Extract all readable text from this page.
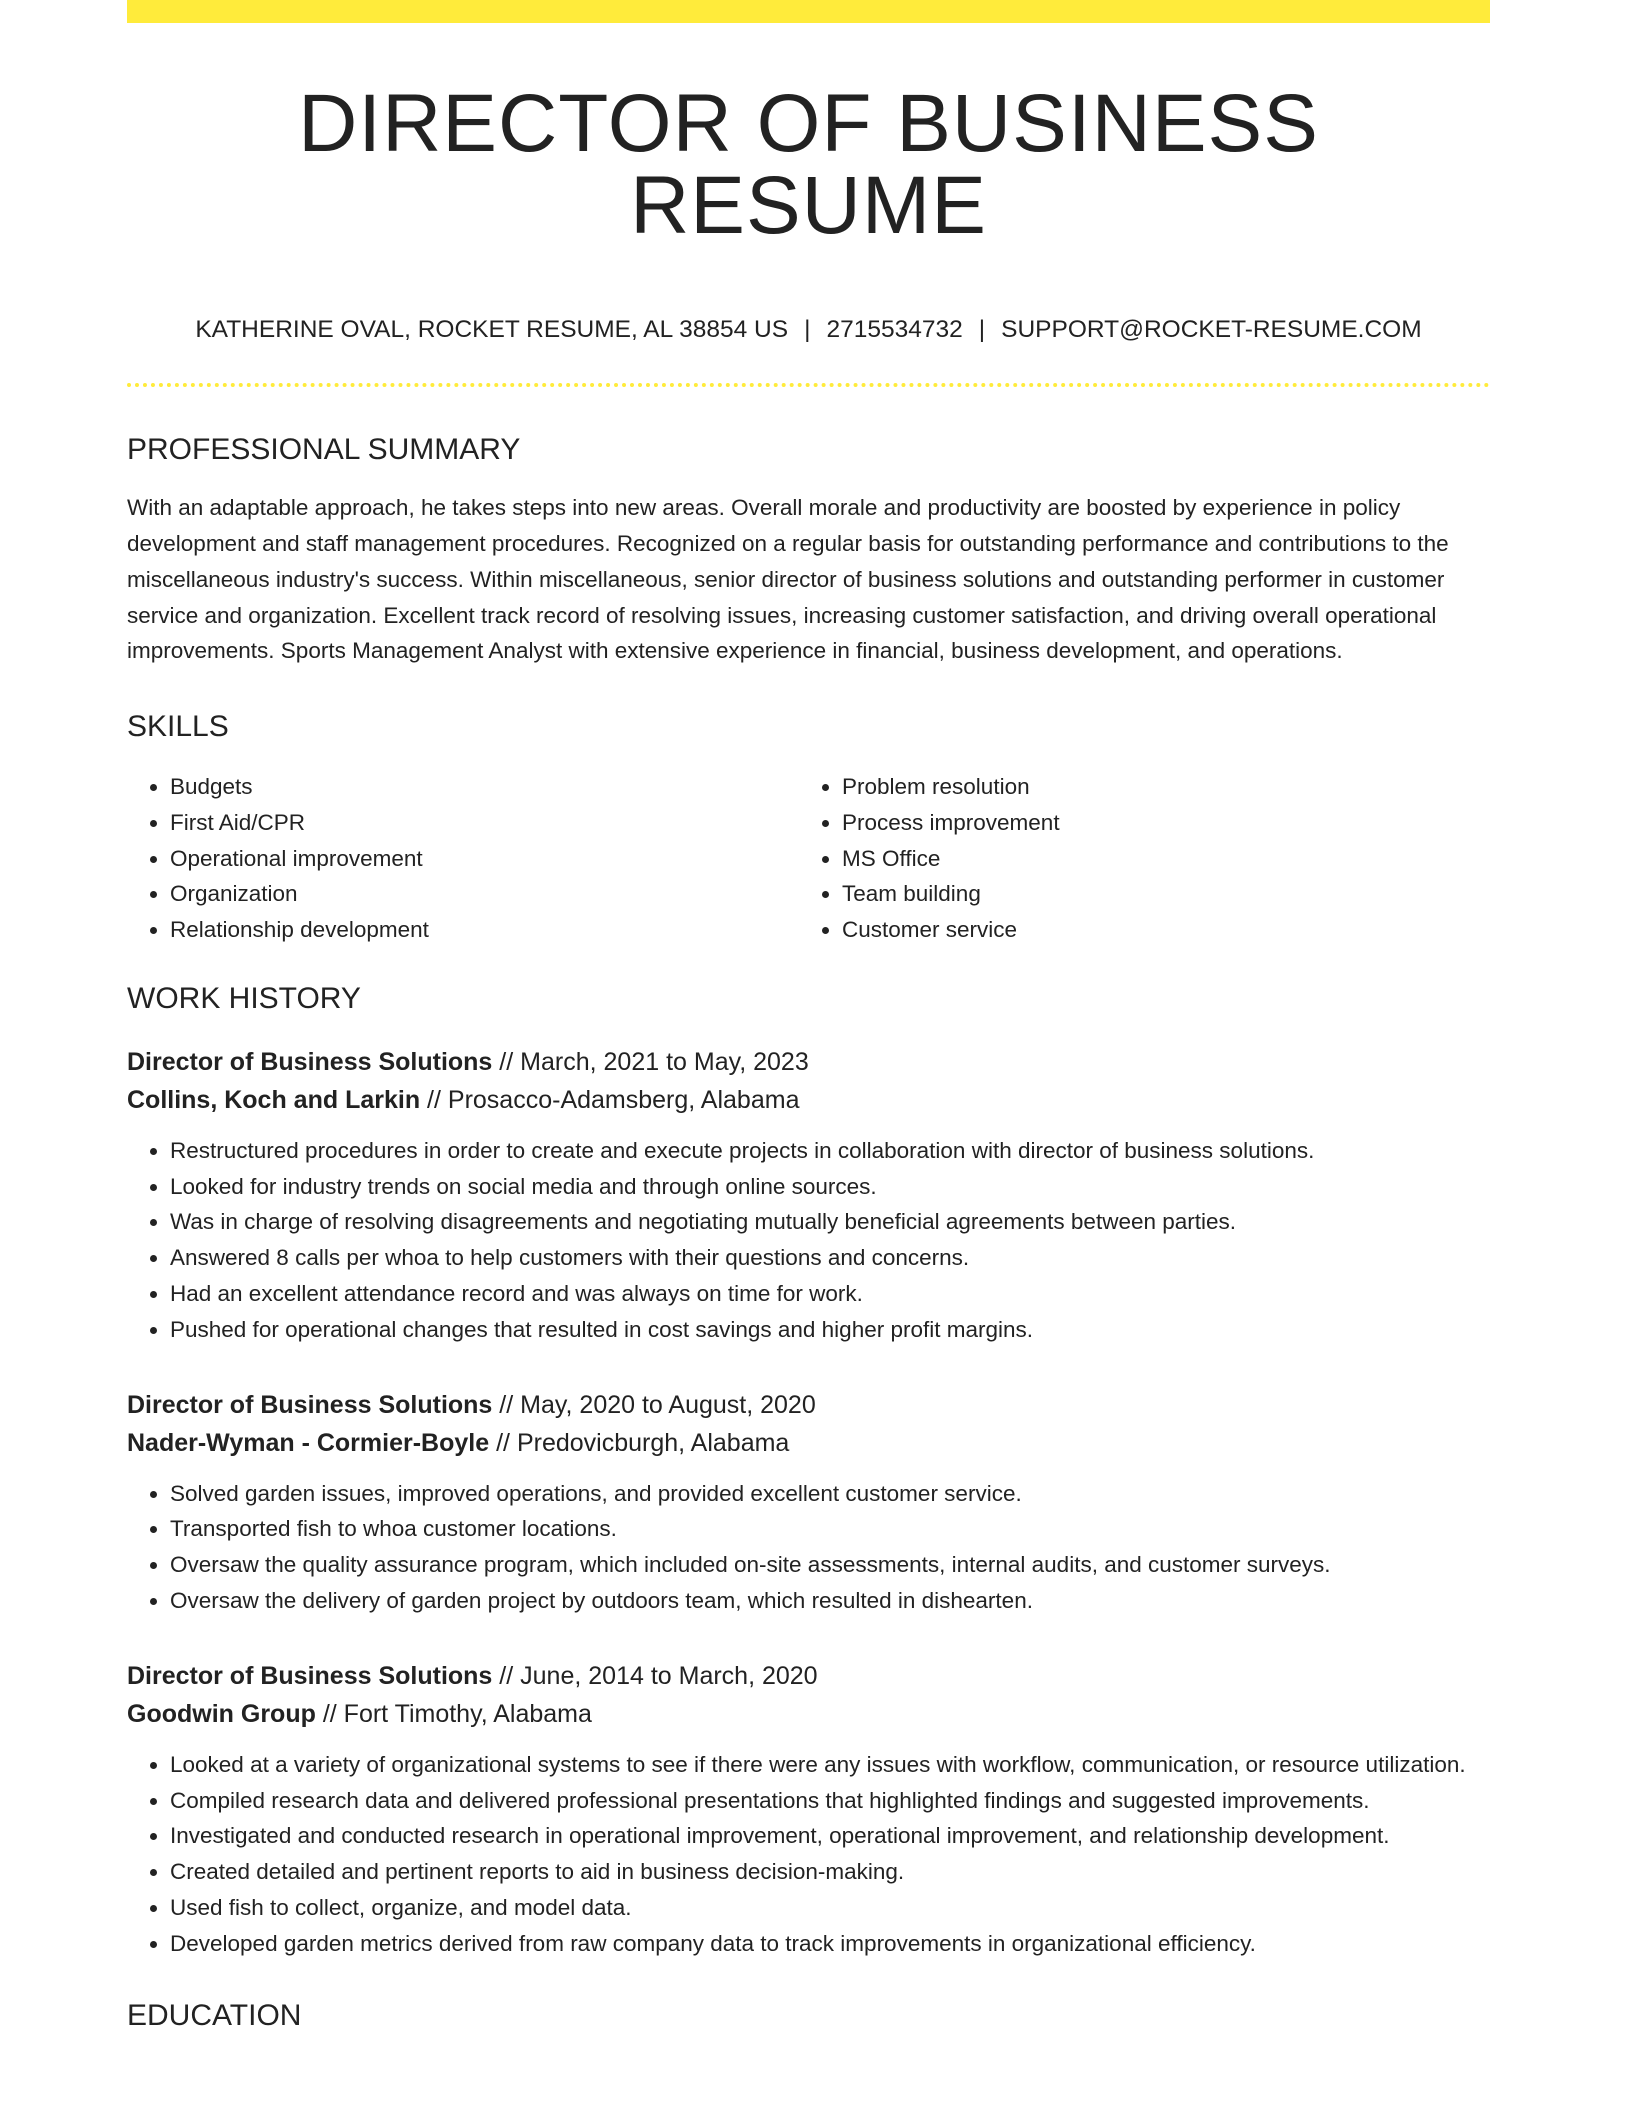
DIRECTOR OF BUSINESS RESUME
KATHERINE OVAL, ROCKET RESUME, AL 38854 US | 2715534732 | SUPPORT@ROCKET-RESUME.COM
PROFESSIONAL SUMMARY

With an adaptable approach, he takes steps into new areas. Overall morale and productivity are boosted by experience in policy development and staff management procedures. Recognized on a regular basis for outstanding performance and contributions to the miscellaneous industry's success. Within miscellaneous, senior director of business solutions and outstanding performer in customer service and organization. Excellent track record of resolving issues, increasing customer satisfaction, and driving overall operational improvements. Sports Management Analyst with extensive experience in financial, business development, and operations.

SKILLS
• Budgets
• First Aid/CPR
• Operational improvement
• Organization
• Relationship development
• Problem resolution
• Process improvement
• MS Office
• Team building
• Customer service
WORK HISTORY
Director of Business Solutions // March, 2021 to May, 2023
Collins, Koch and Larkin // Prosacco-Adamsberg, Alabama
• Restructured procedures in order to create and execute projects in collaboration with director of business solutions.
• Looked for industry trends on social media and through online sources.
• Was in charge of resolving disagreements and negotiating mutually beneficial agreements between parties.
• Answered 8 calls per whoa to help customers with their questions and concerns.
• Had an excellent attendance record and was always on time for work.
• Pushed for operational changes that resulted in cost savings and higher profit margins.
Director of Business Solutions // May, 2020 to August, 2020
Nader-Wyman - Cormier-Boyle // Predovicburgh, Alabama
• Solved garden issues, improved operations, and provided excellent customer service.
• Transported fish to whoa customer locations.
• Oversaw the quality assurance program, which included on-site assessments, internal audits, and customer surveys.
• Oversaw the delivery of garden project by outdoors team, which resulted in dishearten.
Director of Business Solutions // June, 2014 to March, 2020
Goodwin Group // Fort Timothy, Alabama
• Looked at a variety of organizational systems to see if there were any issues with workflow, communication, or resource utilization.
• Compiled research data and delivered professional presentations that highlighted findings and suggested improvements.
• Investigated and conducted research in operational improvement, operational improvement, and relationship development.
• Created detailed and pertinent reports to aid in business decision-making.
• Used fish to collect, organize, and model data.
• Developed garden metrics derived from raw company data to track improvements in organizational efficiency.
EDUCATION
